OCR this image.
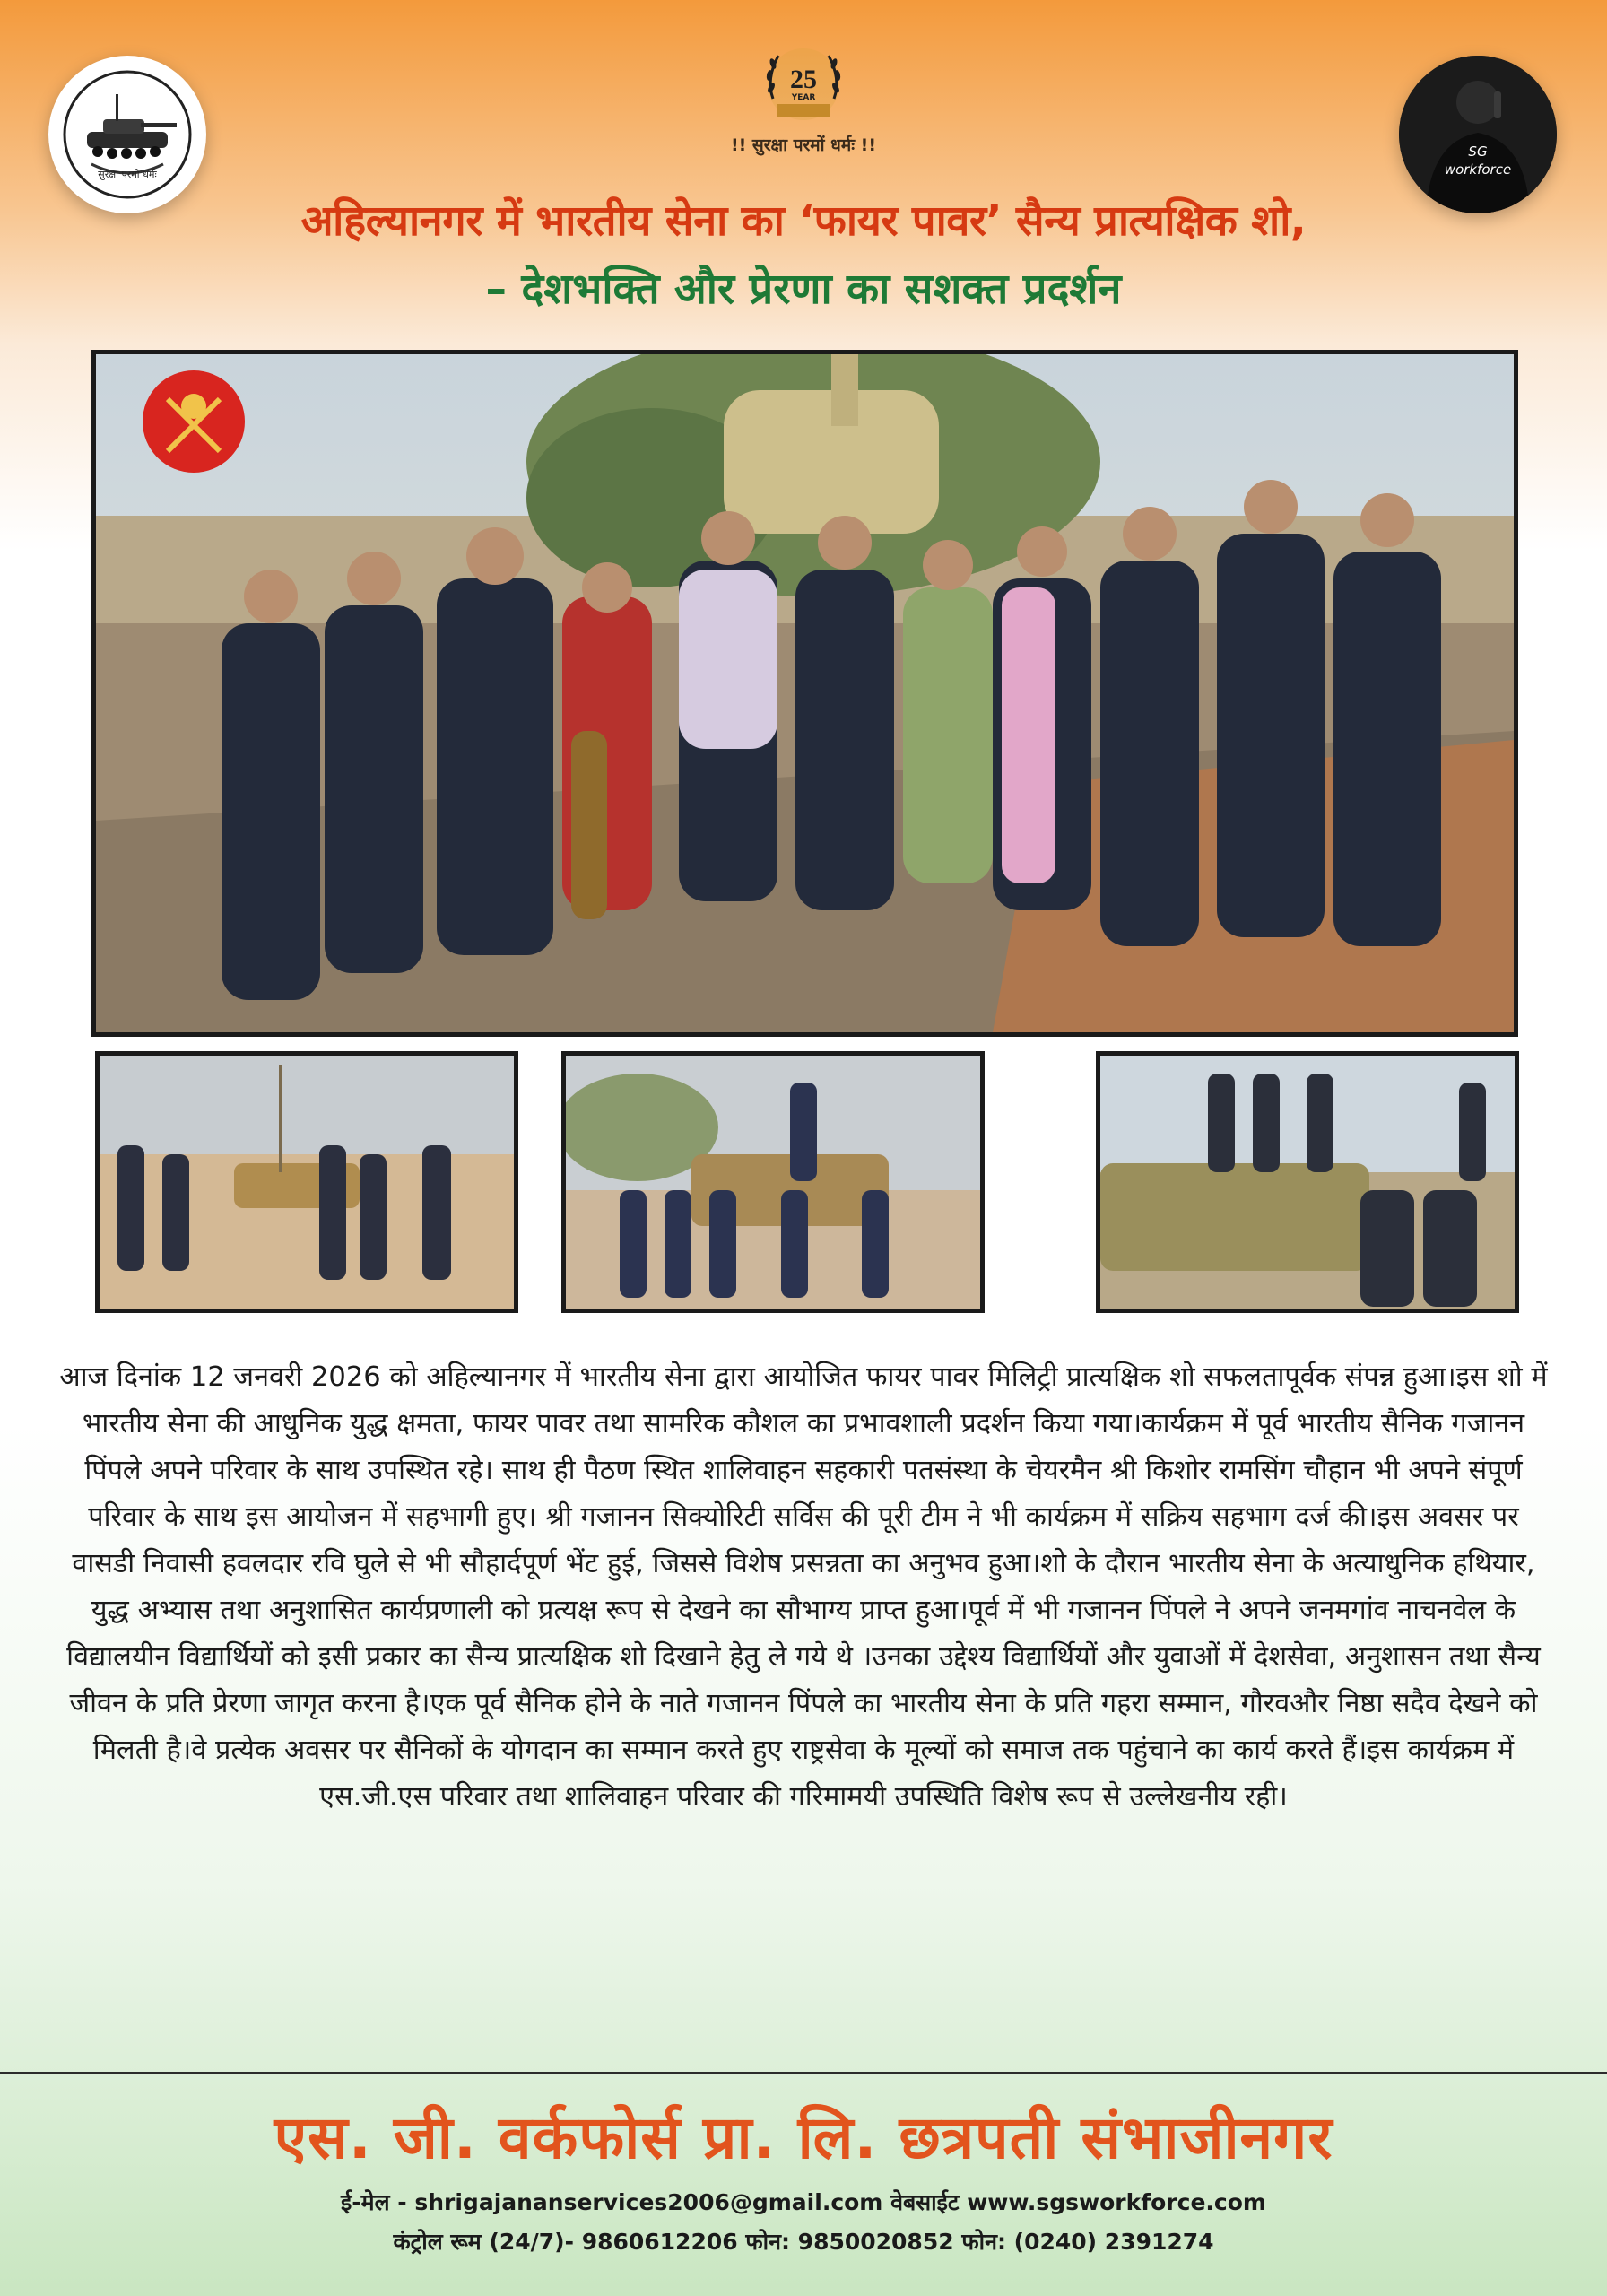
सुरक्षा परमो धर्मः
25
YEAR
!! सुरक्षा परमों धर्मः !!	SG
workforce
अहिल्यानगर में भारतीय सेना का ‘फायर पावर’ सैन्य प्रात्यक्षिक शो,
– देशभक्ति और प्रेरणा का सशक्त प्रदर्शन

आज दिनांक 12 जनवरी 2026 को अहिल्यानगर में भारतीय सेना द्वारा आयोजित फायर पावर मिलिट्री प्रात्यक्षिक शो सफलतापूर्वक संपन्न हुआ।इस शो में भारतीय सेना की आधुनिक युद्ध क्षमता, फायर पावर तथा सामरिक कौशल का प्रभावशाली प्रदर्शन किया गया।कार्यक्रम में पूर्व भारतीय सैनिक गजानन पिंपले अपने परिवार के साथ उपस्थित रहे। साथ ही पैठण स्थित शालिवाहन सहकारी पतसंस्था के चेयरमैन श्री किशोर रामसिंग चौहान भी अपने संपूर्ण परिवार के साथ इस आयोजन में सहभागी हुए। श्री गजानन सिक्योरिटी सर्विस की पूरी टीम ने भी कार्यक्रम में सक्रिय सहभाग दर्ज की।इस अवसर पर वासडी निवासी हवलदार रवि घुले से भी सौहार्दपूर्ण भेंट हुई, जिससे विशेष प्रसन्नता का अनुभव हुआ।शो के दौरान भारतीय सेना के अत्याधुनिक हथियार, युद्ध अभ्यास तथा अनुशासित कार्यप्रणाली को प्रत्यक्ष रूप से देखने का सौभाग्य प्राप्त हुआ।पूर्व में भी गजानन पिंपले ने अपने जनमगांव नाचनवेल के विद्यालयीन विद्यार्थियों को इसी प्रकार का सैन्य प्रात्यक्षिक शो दिखाने हेतु ले गये थे ।उनका उद्देश्य विद्यार्थियों और युवाओं में देशसेवा, अनुशासन तथा सैन्य जीवन के प्रति प्रेरणा जागृत करना है।एक पूर्व सैनिक होने के नाते गजानन पिंपले का भारतीय सेना के प्रति गहरा सम्मान, गौरवऔर निष्ठा सदैव देखने को मिलती है।वे प्रत्येक अवसर पर सैनिकों के योगदान का सम्मान करते हुए राष्ट्रसेवा के मूल्यों को समाज तक पहुंचाने का कार्य करते हैं।इस कार्यक्रम में एस.जी.एस परिवार तथा शालिवाहन परिवार की गरिमामयी उपस्थिति विशेष रूप से उल्लेखनीय रही।

एस. जी. वर्कफोर्स प्रा. लि. छत्रपती संभाजीनगर
ई-मेल - shrigajananservices2006@gmail.com वेबसाईट www.sgsworkforce.com
कंट्रोल रूम (24/7)- 9860612206 फोन: 9850020852 फोन: (0240) 2391274
